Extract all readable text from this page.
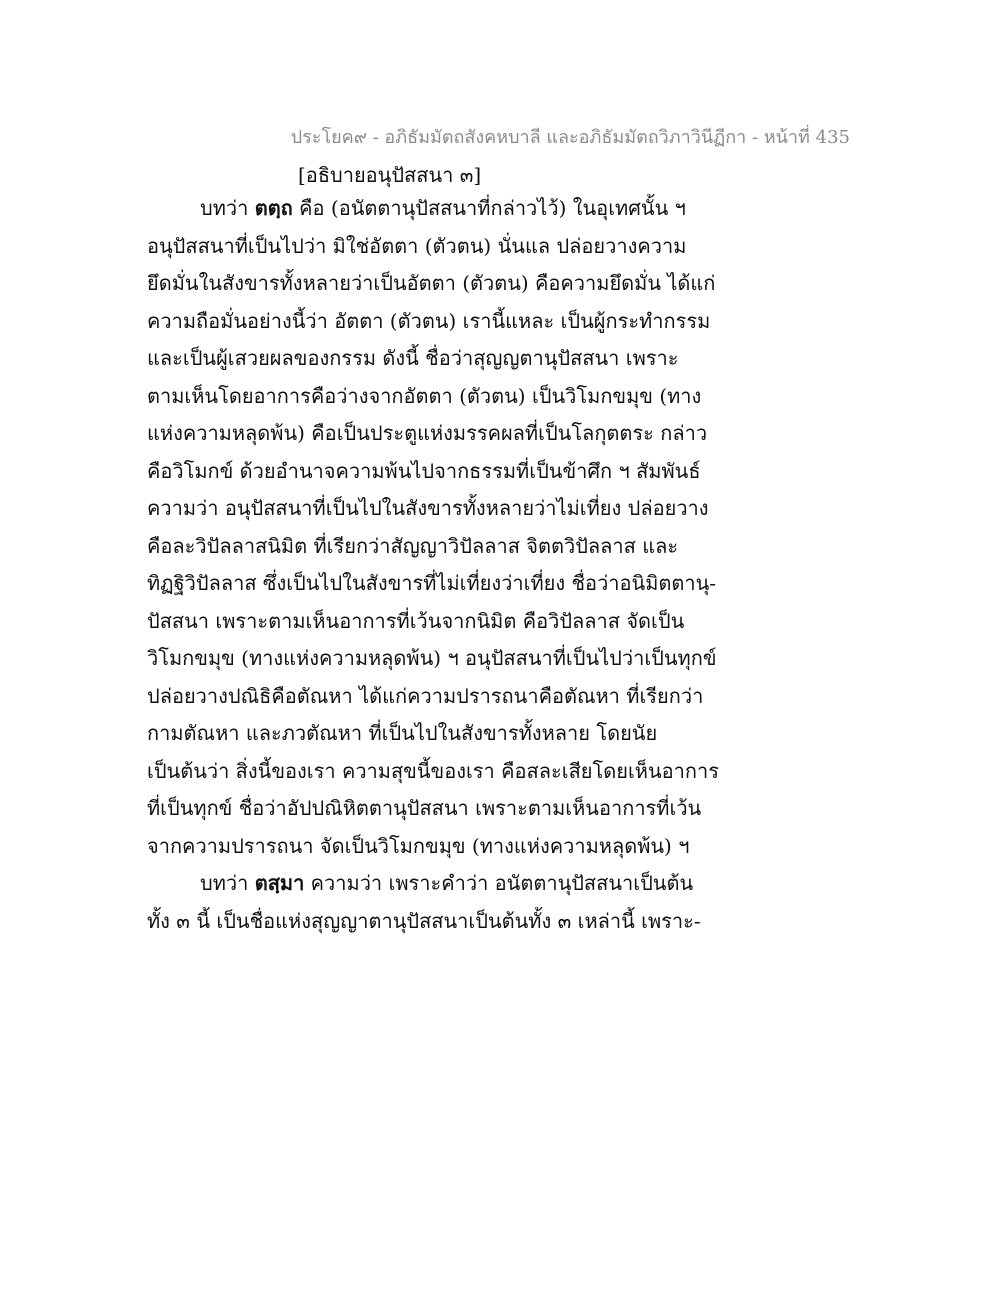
ประโยค๙ - อภิธัมมัตถสังคหบาลี และอภิธัมมัตถวิภาวินีฏีกา - หน้าที่ 435
[อธิบายอนุปัสสนา ๓]
บทว่า ตตฺถ คือ (อนัตตานุปัสสนาที่กล่าวไว้) ในอุเทศนั้น ฯ
อนุปัสสนาที่เป็นไปว่า มิใช่อัตตา (ตัวตน) นั่นแล ปล่อยวางความ
ยึดมั่นในสังขารทั้งหลายว่าเป็นอัตตา (ตัวตน) คือความยึดมั่น ได้แก่
ความถือมั่นอย่างนี้ว่า อัตตา (ตัวตน) เรานี้แหละ เป็นผู้กระทำกรรม
และเป็นผู้เสวยผลของกรรม ดังนี้ ชื่อว่าสุญญตานุปัสสนา เพราะ
ตามเห็นโดยอาการคือว่างจากอัตตา (ตัวตน) เป็นวิโมกขมุข (ทาง
แห่งความหลุดพ้น) คือเป็นประตูแห่งมรรคผลที่เป็นโลกุตตระ กล่าว
คือวิโมกข์ ด้วยอำนาจความพ้นไปจากธรรมที่เป็นข้าศึก ฯ สัมพันธ์
ความว่า อนุปัสสนาที่เป็นไปในสังขารทั้งหลายว่าไม่เที่ยง ปล่อยวาง
คือละวิปัลลาสนิมิต ที่เรียกว่าสัญญาวิปัลลาส จิตตวิปัลลาส และ
ทิฏฐิวิปัลลาส ซึ่งเป็นไปในสังขารที่ไม่เที่ยงว่าเที่ยง ชื่อว่าอนิมิตตานุ-
ปัสสนา เพราะตามเห็นอาการที่เว้นจากนิมิต คือวิปัลลาส จัดเป็น
วิโมกขมุข (ทางแห่งความหลุดพ้น) ฯ อนุปัสสนาที่เป็นไปว่าเป็นทุกข์
ปล่อยวางปณิธิคือตัณหา ได้แก่ความปรารถนาคือตัณหา ที่เรียกว่า
กามตัณหา และภวตัณหา ที่เป็นไปในสังขารทั้งหลาย โดยนัย
เป็นต้นว่า สิ่งนี้ของเรา ความสุขนี้ของเรา คือสละเสียโดยเห็นอาการ
ที่เป็นทุกข์ ชื่อว่าอัปปณิหิตตานุปัสสนา เพราะตามเห็นอาการที่เว้น
จากความปรารถนา จัดเป็นวิโมกขมุข (ทางแห่งความหลุดพ้น) ฯ
บทว่า ตสฺมา ความว่า เพราะคำว่า อนัตตานุปัสสนาเป็นต้น
ทั้ง ๓ นี้ เป็นชื่อแห่งสุญญาตานุปัสสนาเป็นต้นทั้ง ๓ เหล่านี้ เพราะ-
